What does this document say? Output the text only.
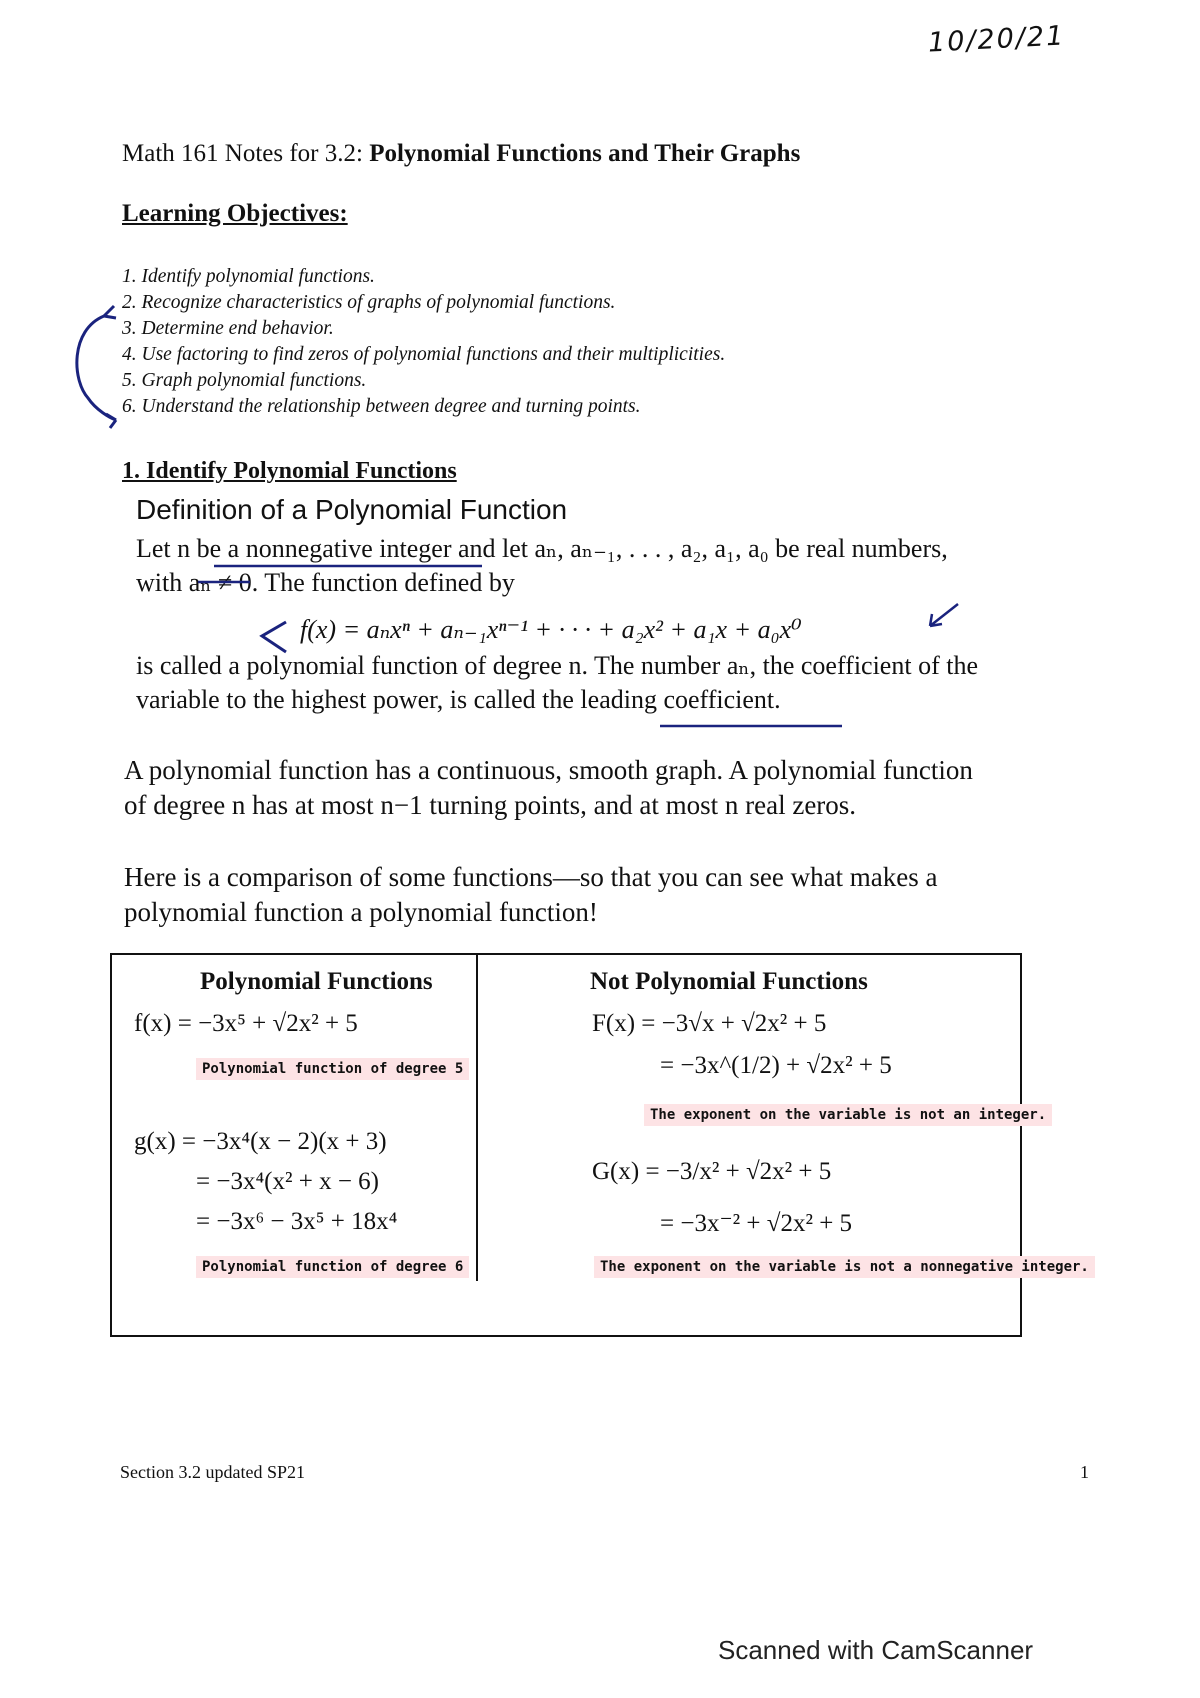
10/20/21
Math 161 Notes for 3.2: Polynomial Functions and Their Graphs
Learning Objectives:
1. Identify polynomial functions.
2. Recognize characteristics of graphs of polynomial functions.
3. Determine end behavior.
4. Use factoring to find zeros of polynomial functions and their multiplicities.
5. Graph polynomial functions.
6. Understand the relationship between degree and turning points.
1. Identify Polynomial Functions
Definition of a Polynomial Function
Let n be a nonnegative integer and let aₙ, aₙ₋₁, . . . , a₂, a₁, a₀ be real numbers,
with aₙ ≠ 0. The function defined by
f(x) = aₙxⁿ + aₙ₋₁xⁿ⁻¹ + · · · + a₂x² + a₁x + a₀x⁰
is called a polynomial function of degree n. The number aₙ, the coefficient of the
variable to the highest power, is called the leading coefficient.
A polynomial function has a continuous, smooth graph. A polynomial function
of degree n has at most n−1 turning points, and at most n real zeros.
Here is a comparison of some functions—so that you can see what makes a
polynomial function a polynomial function!
Polynomial Functions
f(x) = −3x⁵ + √2x² + 5
Polynomial function of degree 5
g(x) = −3x⁴(x − 2)(x + 3)
= −3x⁴(x² + x − 6)
= −3x⁶ − 3x⁵ + 18x⁴
Polynomial function of degree 6
Not Polynomial Functions
F(x) = −3√x + √2x² + 5
= −3x^(1/2) + √2x² + 5
The exponent on the variable is not an integer.
G(x) = −3/x² + √2x² + 5
= −3x⁻² + √2x² + 5
The exponent on the variable is not a nonnegative integer.
Section 3.2 updated SP21	1
Scanned with CamScanner
